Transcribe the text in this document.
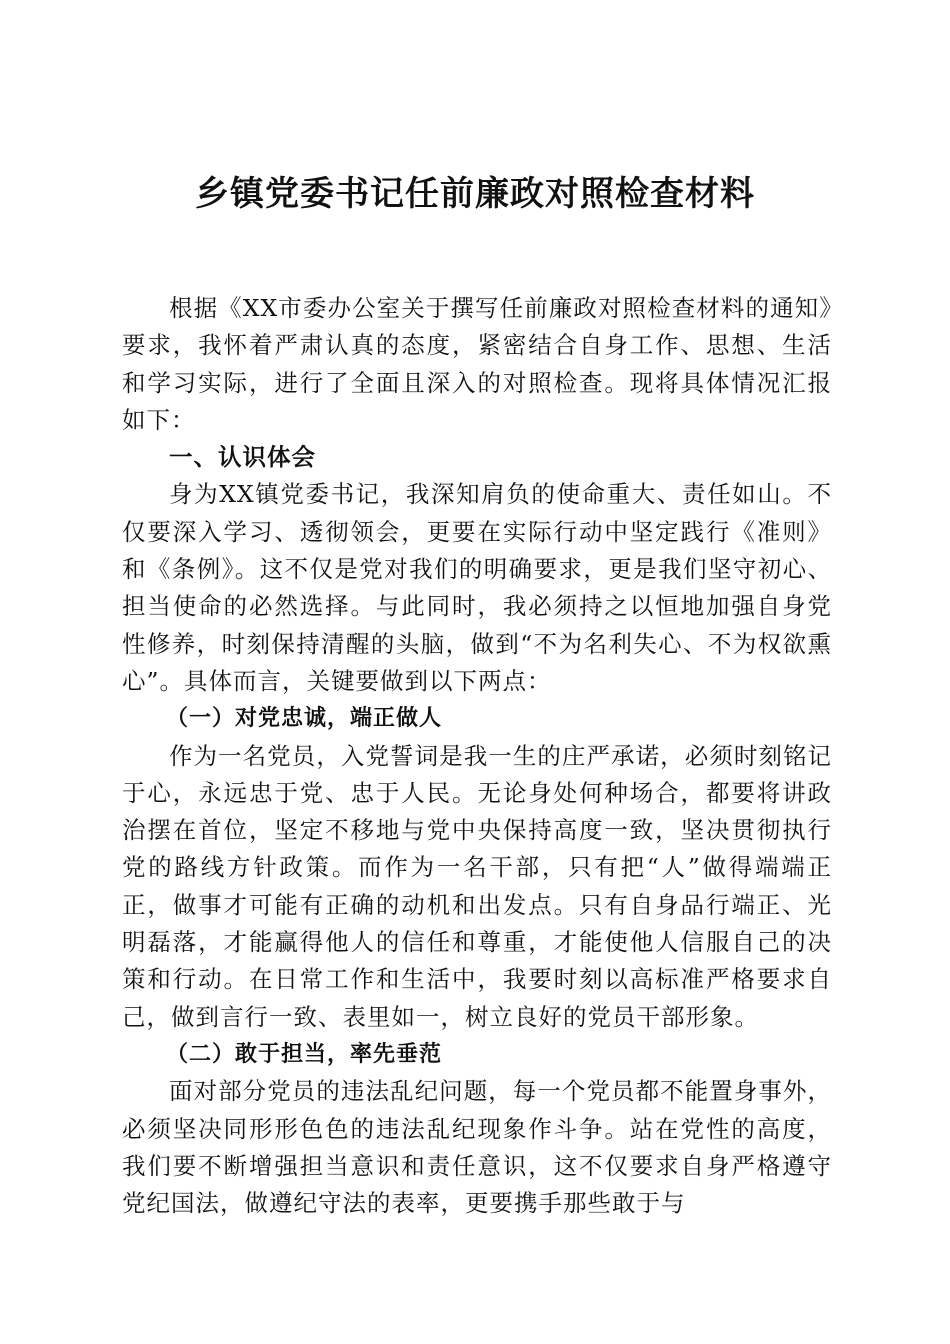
乡镇党委书记任前廉政对照检查材料

根据《XX市委办公室关于撰写任前廉政对照检查材料的通知》要求，我怀着严肃认真的态度，紧密结合自身工作、思想、生活和学习实际，进行了全面且深入的对照检查。现将具体情况汇报如下：

一、认识体会

身为XX镇党委书记，我深知肩负的使命重大、责任如山。不仅要深入学习、透彻领会，更要在实际行动中坚定践行《准则》和《条例》。这不仅是党对我们的明确要求，更是我们坚守初心、担当使命的必然选择。与此同时，我必须持之以恒地加强自身党性修养，时刻保持清醒的头脑，做到“不为名利失心、不为权欲熏心”。具体而言，关键要做到以下两点：

（一）对党忠诚，端正做人

作为一名党员，入党誓词是我一生的庄严承诺，必须时刻铭记于心，永远忠于党、忠于人民。无论身处何种场合，都要将讲政治摆在首位，坚定不移地与党中央保持高度一致，坚决贯彻执行党的路线方针政策。而作为一名干部，只有把“人”做得端端正正，做事才可能有正确的动机和出发点。只有自身品行端正、光明磊落，才能赢得他人的信任和尊重，才能使他人信服自己的决策和行动。在日常工作和生活中，我要时刻以高标准严格要求自己，做到言行一致、表里如一，树立良好的党员干部形象。

（二）敢于担当，率先垂范

面对部分党员的违法乱纪问题，每一个党员都不能置身事外，必须坚决同形形色色的违法乱纪现象作斗争。站在党性的高度，我们要不断增强担当意识和责任意识，这不仅要求自身严格遵守党纪国法，做遵纪守法的表率，更要携手那些敢于与
